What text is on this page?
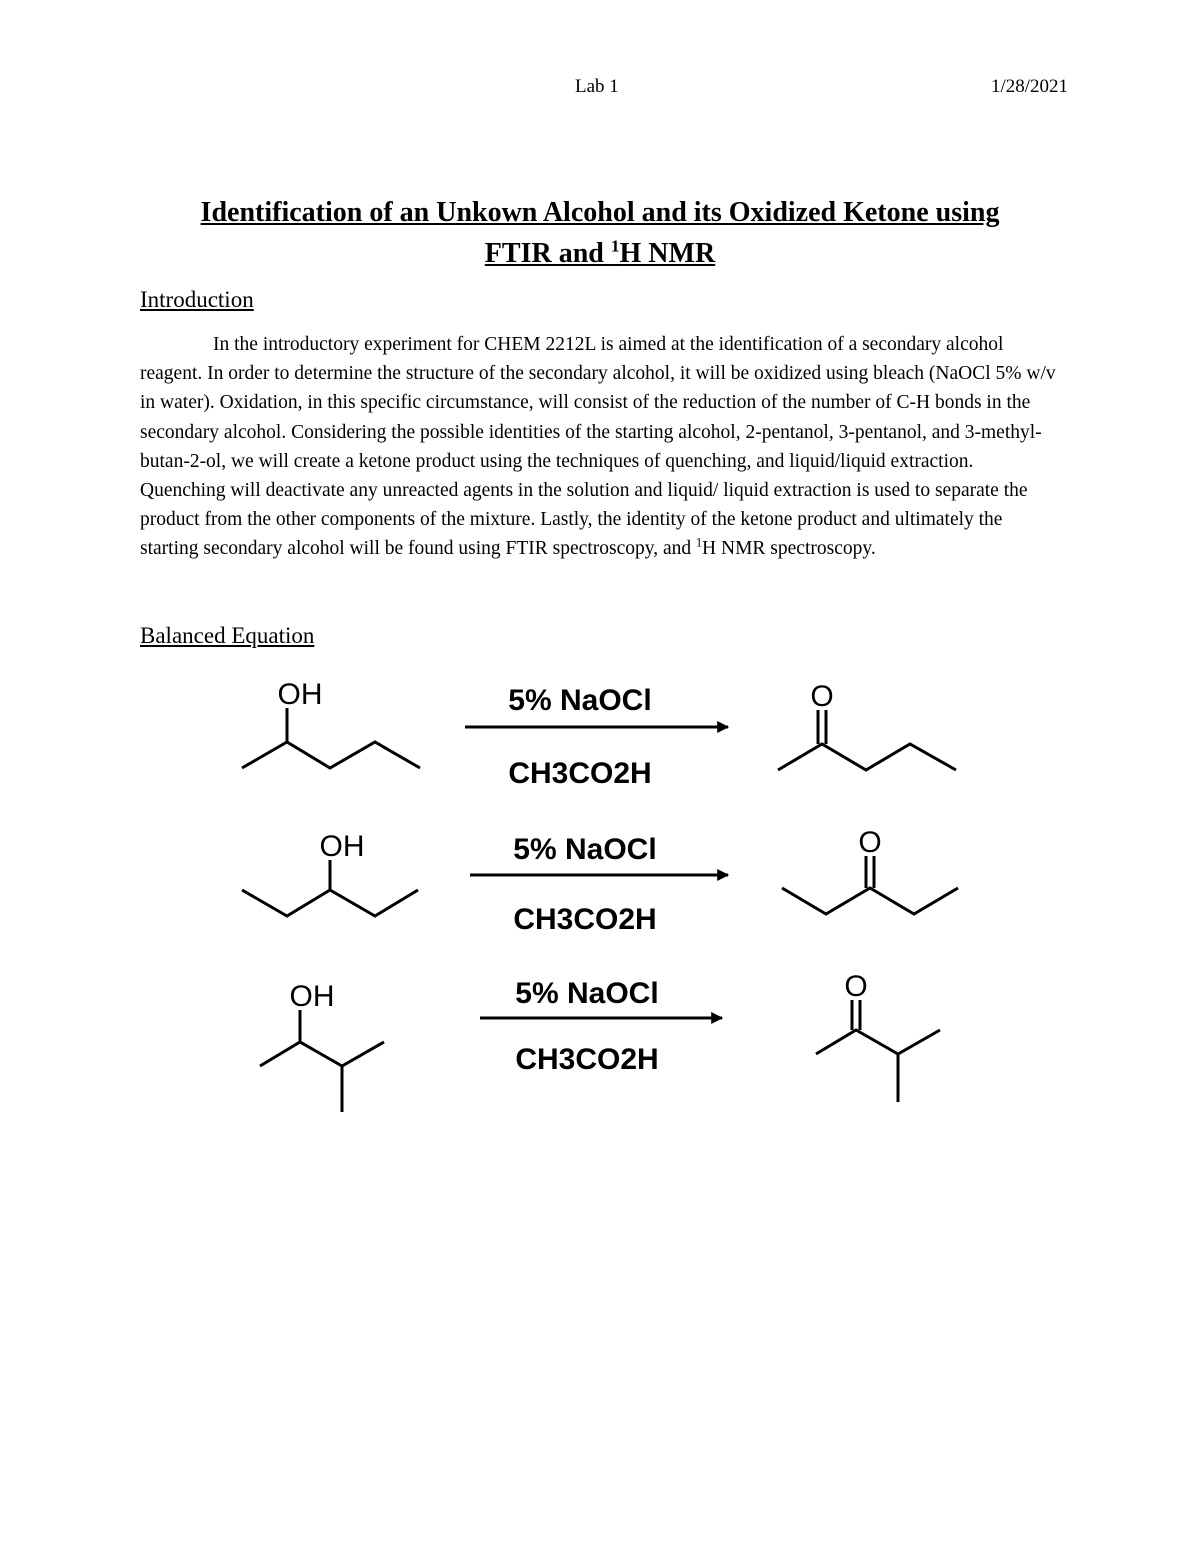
Lab 1	1/28/2021
Identification of an Unkown Alcohol and its Oxidized Ketone using
FTIR and $^1$H NMR
Introduction

In the introductory experiment for CHEM 2212L is aimed at the identification of a secondary alcohol reagent. In order to determine the structure of the secondary alcohol, it will be oxidized using bleach (NaOCl 5% w/v in water). Oxidation, in this specific circumstance, will consist of the reduction of the number of C-H bonds in the secondary alcohol. Considering the possible identities of the starting alcohol, 2-pentanol, 3-pentanol, and 3-methyl-butan-2-ol, we will create a ketone product using the techniques of quenching, and liquid/liquid extraction. Quenching will deactivate any unreacted agents in the solution and liquid/ liquid extraction is used to separate the product from the other components of the mixture. Lastly, the identity of the ketone product and ultimately the starting secondary alcohol will be found using FTIR spectroscopy, and $^1$H NMR spectroscopy.

Balanced Equation
OH	5% NaOCl
CH3CO2H
O
OH	5% NaOCl
CH3CO2H
O
OH	5% NaOCl
CH3CO2H
O
